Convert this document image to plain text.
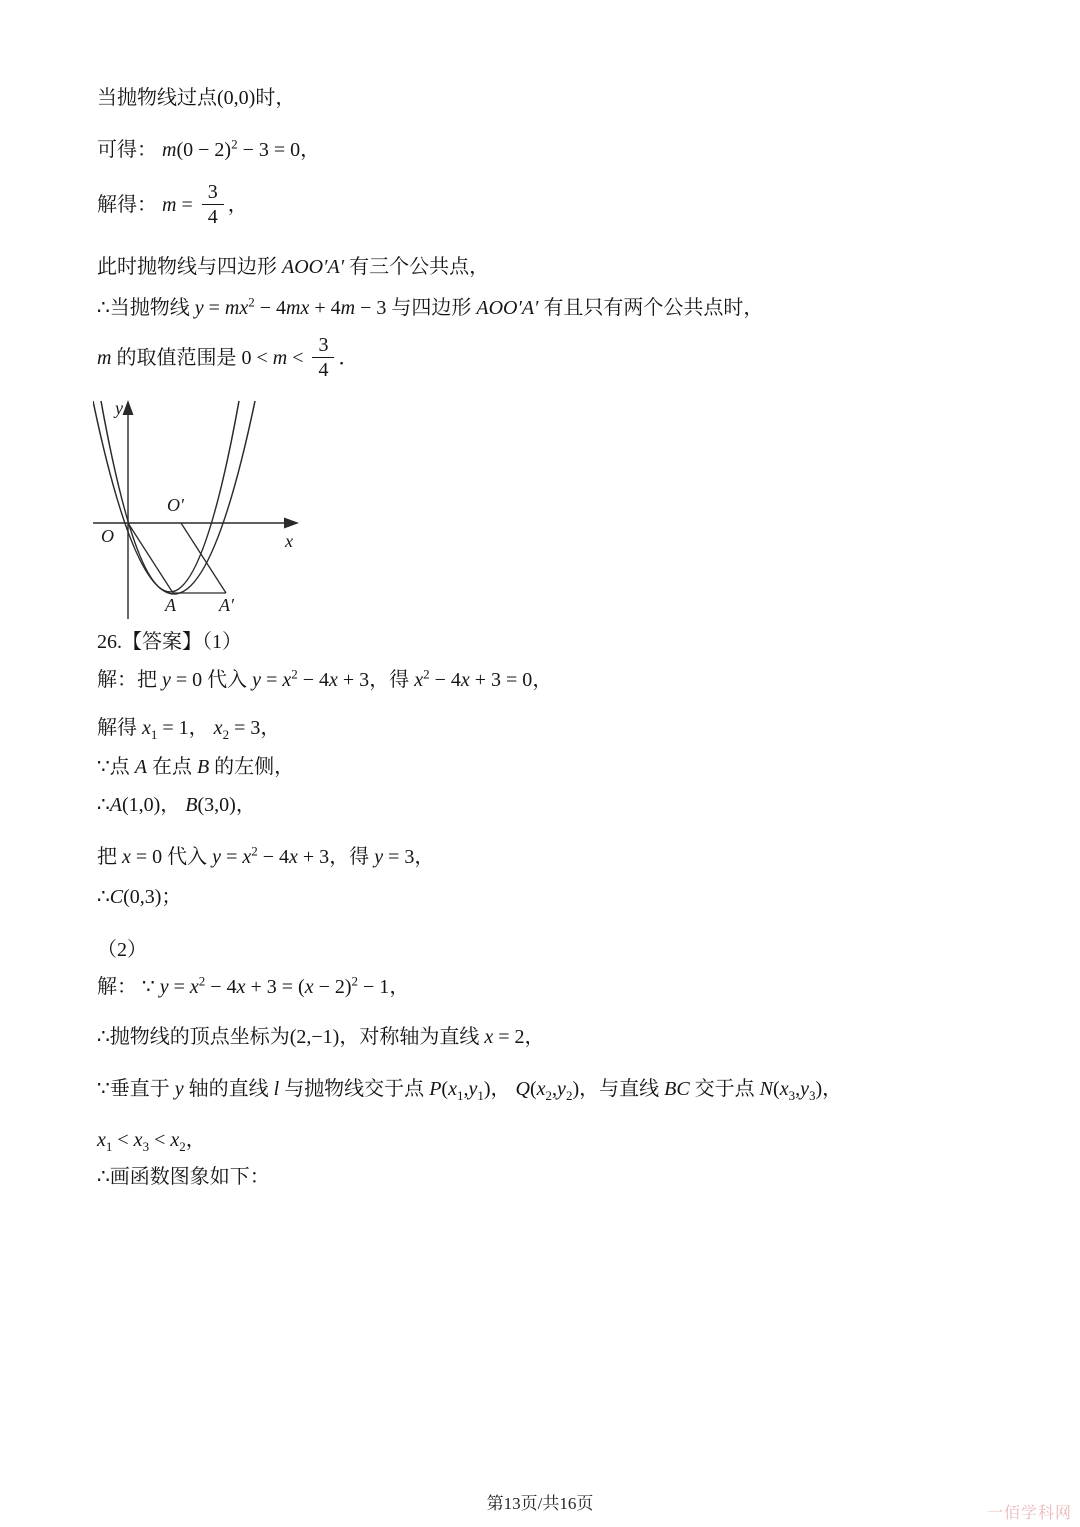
当抛物线过点(0,0)时，
可得： $m(0 - 2)^2 - 3 = 0$，
解得： $m = \frac{3}{4}$ ，
此时抛物线与四边形 AOO′A′ 有三个公共点，
∴当抛物线 $y = mx^2 - 4mx + 4m - 3$ 与四边形 AOO′A′ 有且只有两个公共点时，
m 的取值范围是 $0 < m < \frac{3}{4}$ ．
y
x
O
O′
A A′
26.【答案】（1）
解：把 y = 0 代入 $y = x^2 - 4x + 3$，得 $x^2 - 4x + 3 = 0$，
解得 $x_1 = 1$， $x_2 = 3$，
∵点 A 在点 B 的左侧，
∴A(1,0)， B(3,0)，
把 x = 0 代入 $y = x^2 - 4x + 3$，得 y = 3，
∴C(0,3)；
（2）
解： ∵ $y = x^2 - 4x + 3 = (x - 2)^2 - 1$，
∴抛物线的顶点坐标为(2,−1)，对称轴为直线 x = 2，
∵垂直于 y 轴的直线 l 与抛物线交于点 $P(x_1,y_1)$， $Q(x_2,y_2)$，与直线 BC 交于点 $N(x_3,y_3)$，
$x_1 < x_3 < x_2$，
∴画函数图象如下：
第13页/共16页
一佰学科网
